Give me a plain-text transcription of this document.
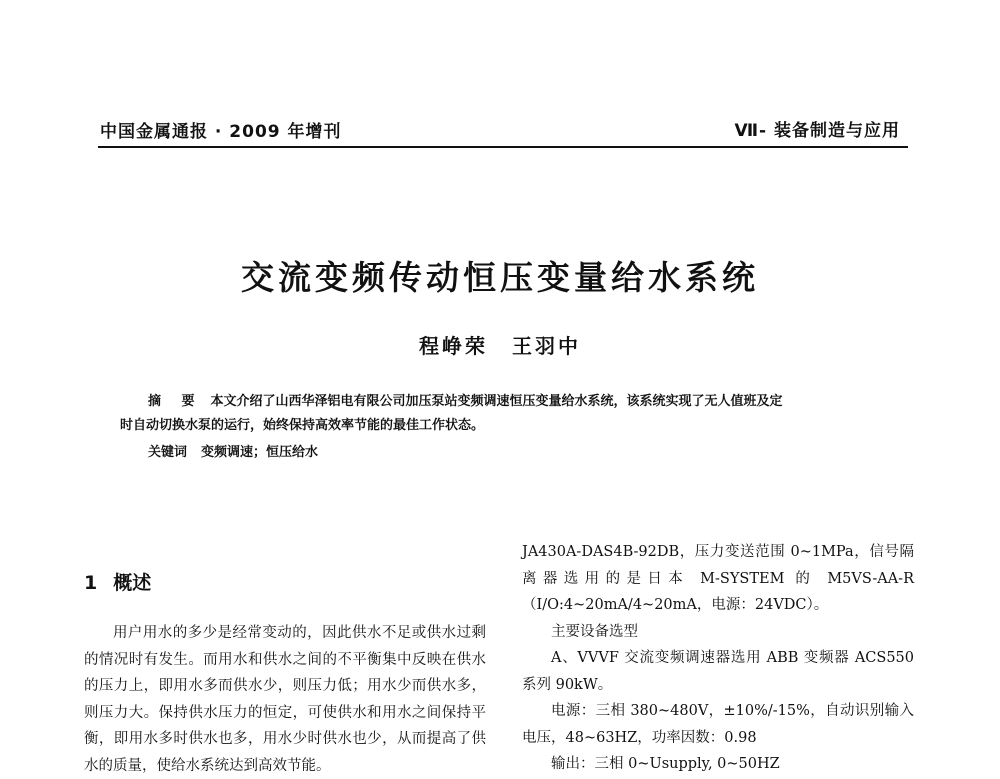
中国金属通报 · 2009 年增刊	Ⅶ- 装备制造与应用
交流变频传动恒压变量给水系统
程峥荣 王羽中
摘 要 本文介绍了山西华泽铝电有限公司加压泵站变频调速恒压变量给水系统，该系统实现了无人值班及定
时自动切换水泵的运行，始终保持高效率节能的最佳工作状态。
关键词 变频调速；恒压给水
1 概述

用户用水的多少是经常变动的，因此供水不足或供水过剩的情况时有发生。而用水和供水之间的不平衡集中反映在供水的压力上，即用水多而供水少，则压力低；用水少而供水多，则压力大。保持供水压力的恒定，可使供水和用水之间保持平衡，即用水多时供水也多，用水少时供水也少，从而提高了供水的质量，使给水系统达到高效节能。

JA430A-DAS4B-92DB，压力变送范围 0~1MPa，信号隔离器选用的是日本 M-SYSTEM 的 M5VS-AA-R（I/O:4~20mA/4~20mA，电源：24VDC）。

主要设备选型

A、VVVF 交流变频调速器选用 ABB 变频器 ACS550 系列 90kW。

电源：三相 380~480V，±10%/-15%，自动识别输入电压，48~63HZ，功率因数：0.98

输出：三相 0~Usupply, 0~50HZ
